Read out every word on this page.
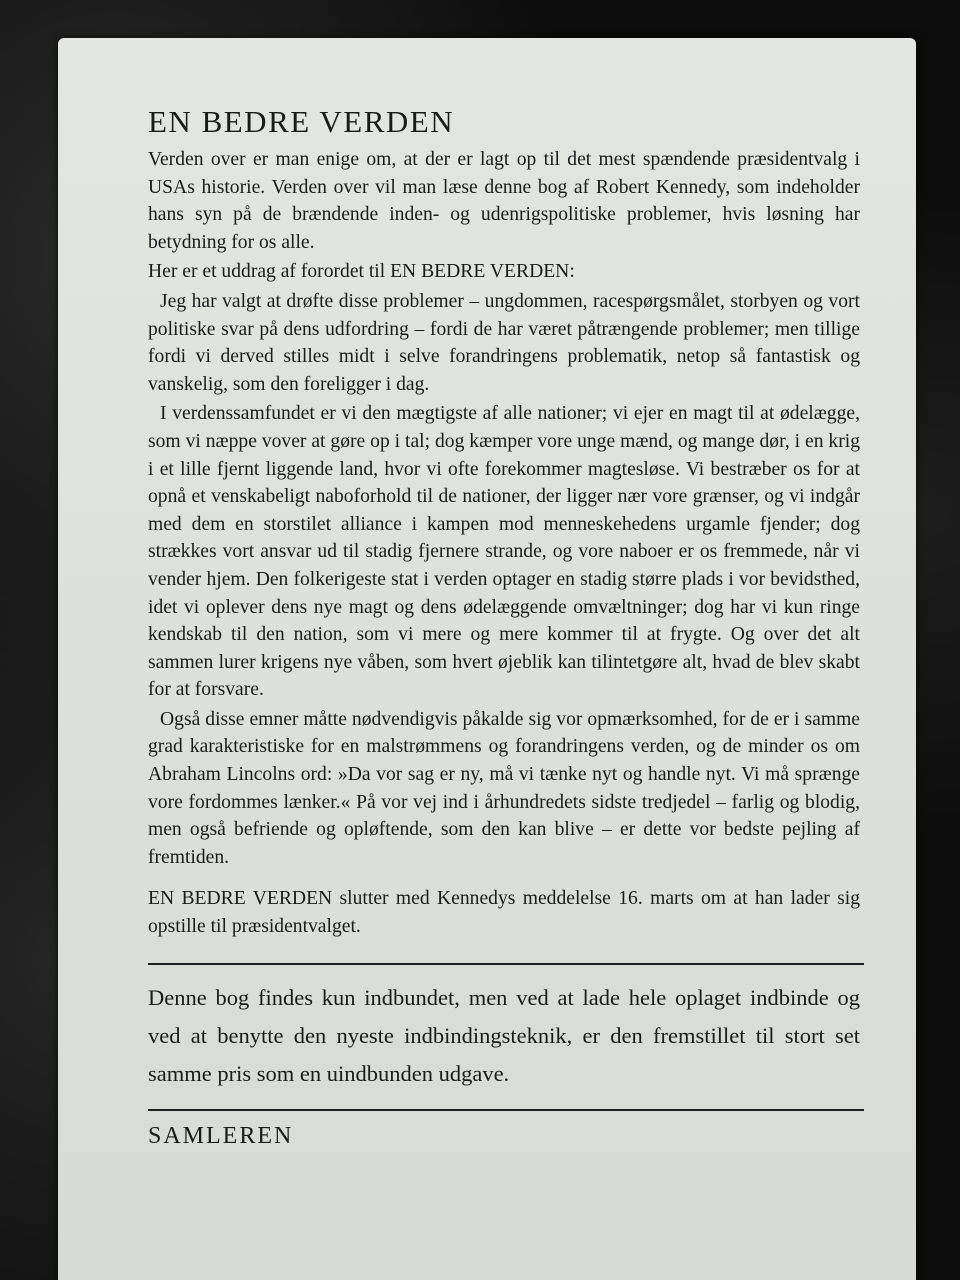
EN BEDRE VERDEN

Verden over er man enige om, at der er lagt op til det mest spændende præsidentvalg i USAs historie. Verden over vil man læse denne bog af Robert Kennedy, som indeholder hans syn på de brændende inden- og udenrigspolitiske problemer, hvis løsning har betydning for os alle.

Her er et uddrag af forordet til EN BEDRE VERDEN:

Jeg har valgt at drøfte disse problemer – ungdommen, racespørgsmålet, storbyen og vort politiske svar på dens udfordring – fordi de har været påtrængende problemer; men tillige fordi vi derved stilles midt i selve forandringens problematik, netop så fantastisk og vanskelig, som den foreligger i dag.

I verdenssamfundet er vi den mægtigste af alle nationer; vi ejer en magt til at ødelægge, som vi næppe vover at gøre op i tal; dog kæmper vore unge mænd, og mange dør, i en krig i et lille fjernt liggende land, hvor vi ofte forekommer magtesløse. Vi bestræber os for at opnå et venskabeligt naboforhold til de nationer, der ligger nær vore grænser, og vi indgår med dem en storstilet alliance i kampen mod menneskehedens urgamle fjender; dog strækkes vort ansvar ud til stadig fjernere strande, og vore naboer er os fremmede, når vi vender hjem. Den folkerigeste stat i verden optager en stadig større plads i vor bevidsthed, idet vi oplever dens nye magt og dens ødelæggende omvæltninger; dog har vi kun ringe kendskab til den nation, som vi mere og mere kommer til at frygte. Og over det alt sammen lurer krigens nye våben, som hvert øjeblik kan tilintetgøre alt, hvad de blev skabt for at forsvare.

Også disse emner måtte nødvendigvis påkalde sig vor opmærksomhed, for de er i samme grad karakteristiske for en malstrømmens og forandringens verden, og de minder os om Abraham Lincolns ord: »Da vor sag er ny, må vi tænke nyt og handle nyt. Vi må sprænge vore fordommes lænker.« På vor vej ind i århundredets sidste tredjedel – farlig og blodig, men også befriende og opløftende, som den kan blive – er dette vor bedste pejling af fremtiden.

EN BEDRE VERDEN slutter med Kennedys meddelelse 16. marts om at han lader sig opstille til præsidentvalget.

Denne bog findes kun indbundet, men ved at lade hele oplaget indbinde og ved at benytte den nyeste indbindingsteknik, er den fremstillet til stort set samme pris som en uindbunden udgave.

SAMLEREN
